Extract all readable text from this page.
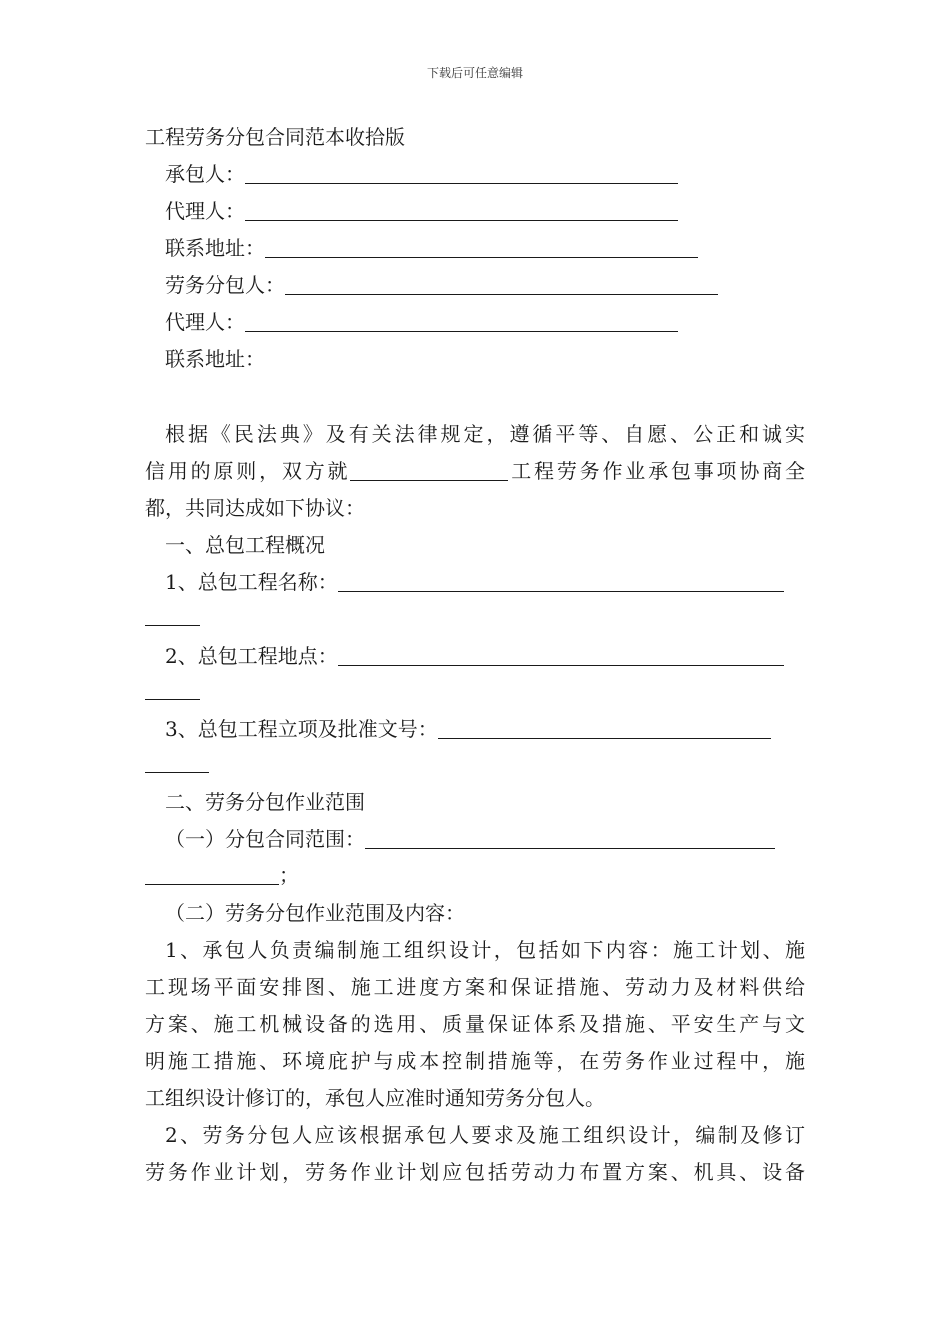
下载后可任意编辑
工程劳务分包合同范本收拾版
承包人：
代理人：
联系地址：
劳务分包人：
代理人：
联系地址：
根据《民法典》及有关法律规定，遵循平等、自愿、公正和诚实
信用的原则，双方就	工程劳务作业承包事项协商全
都，共同达成如下协议：
一、总包工程概况
1、总包工程名称：
2、总包工程地点：
3、总包工程立项及批准文号：
二、劳务分包作业范围
（一）分包合同范围：
；
（二）劳务分包作业范围及内容：
1、承包人负责编制施工组织设计，包括如下内容：施工计划、施
工现场平面安排图、施工进度方案和保证措施、劳动力及材料供给
方案、施工机械设备的选用、质量保证体系及措施、平安生产与文
明施工措施、环境庇护与成本控制措施等，在劳务作业过程中，施
工组织设计修订的，承包人应准时通知劳务分包人。
2、劳务分包人应该根据承包人要求及施工组织设计，编制及修订
劳务作业计划，劳务作业计划应包括劳动力布置方案、机具、设备
